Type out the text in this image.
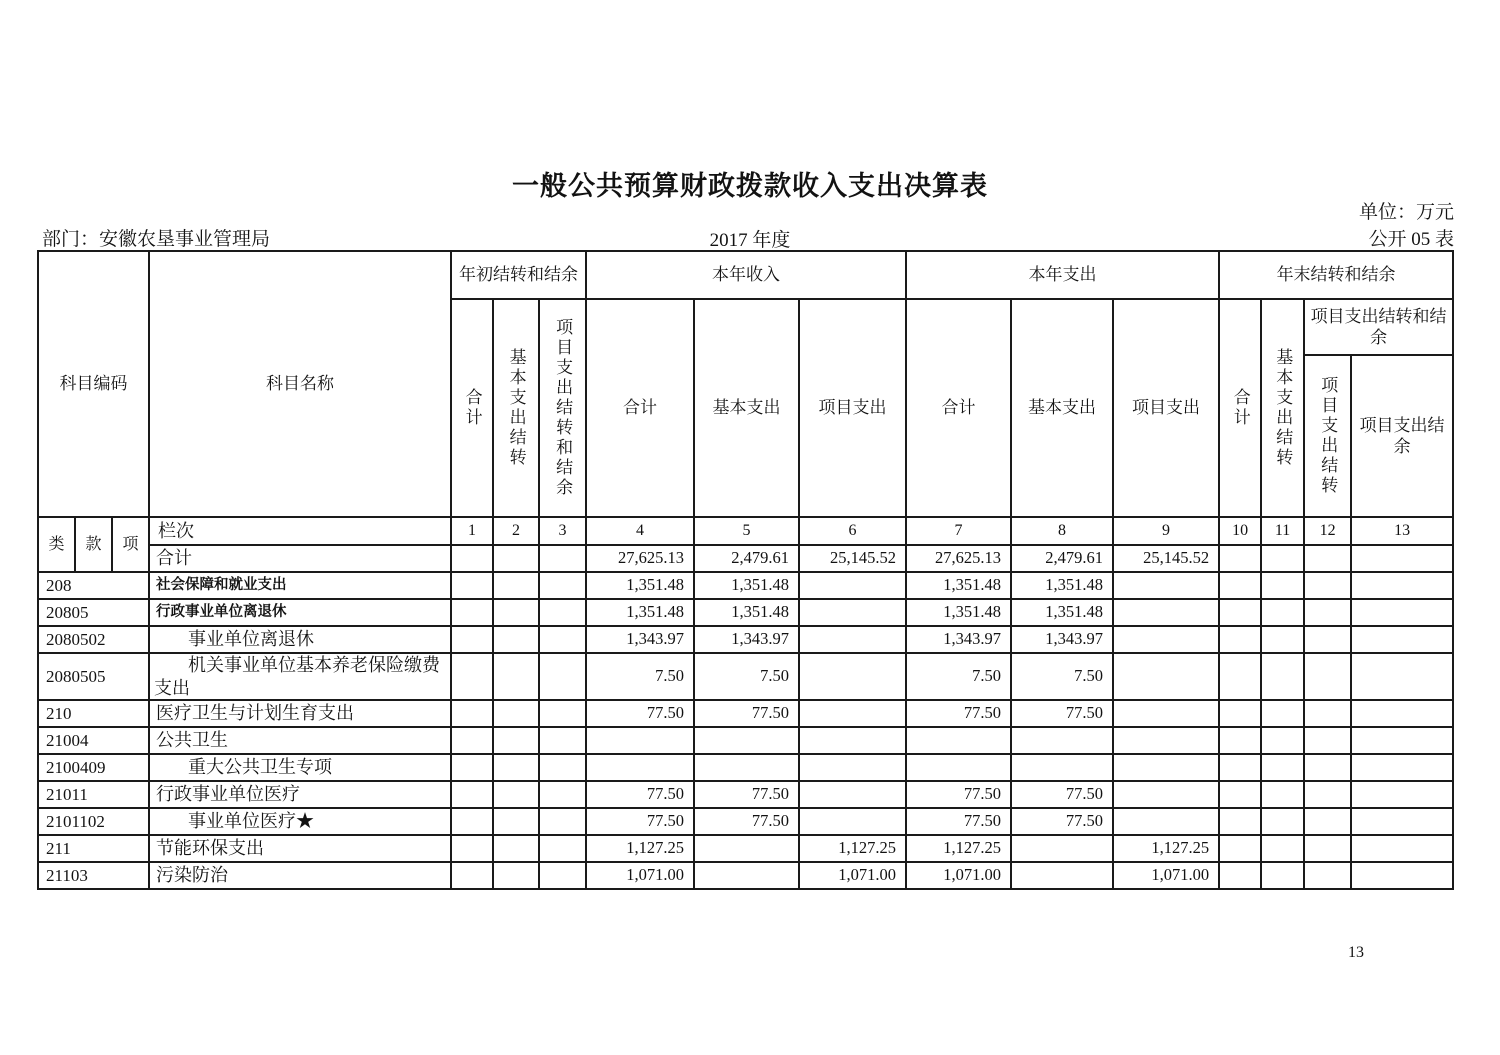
一般公共预算财政拨款收入支出决算表
单位：万元
部门：安徽农垦事业管理局	2017 年度	公开 05 表
科目编码			科目名称	年初结转和结余			本年收入			本年支出			年末结转和结余			
				合计	基本支出结转	项目支出结转和结余	合计	基本支出	项目支出	合计	基本支出	项目支出	合计	基本支出结转	项目支出结转和结余	
															项目支出结转	项目支出结余
类	款	项	栏次	1	2	3	4	5	6	7	8	9	10	11	12	13
			合计				27,625.13	2,479.61	25,145.52	27,625.13	2,479.61	25,145.52				
208			社会保障和就业支出				1,351.48	1,351.48		1,351.48	1,351.48					
20805			行政事业单位离退休				1,351.48	1,351.48		1,351.48	1,351.48					
2080502			事业单位离退休				1,343.97	1,343.97		1,343.97	1,343.97					
2080505			机关事业单位基本养老保险缴费支出				7.50	7.50		7.50	7.50					
210			医疗卫生与计划生育支出				77.50	77.50		77.50	77.50					
21004			公共卫生													
2100409			重大公共卫生专项													
21011			行政事业单位医疗				77.50	77.50		77.50	77.50					
2101102			事业单位医疗★				77.50	77.50		77.50	77.50					
211			节能环保支出				1,127.25		1,127.25	1,127.25		1,127.25				
21103			污染防治				1,071.00		1,071.00	1,071.00		1,071.00				
13
